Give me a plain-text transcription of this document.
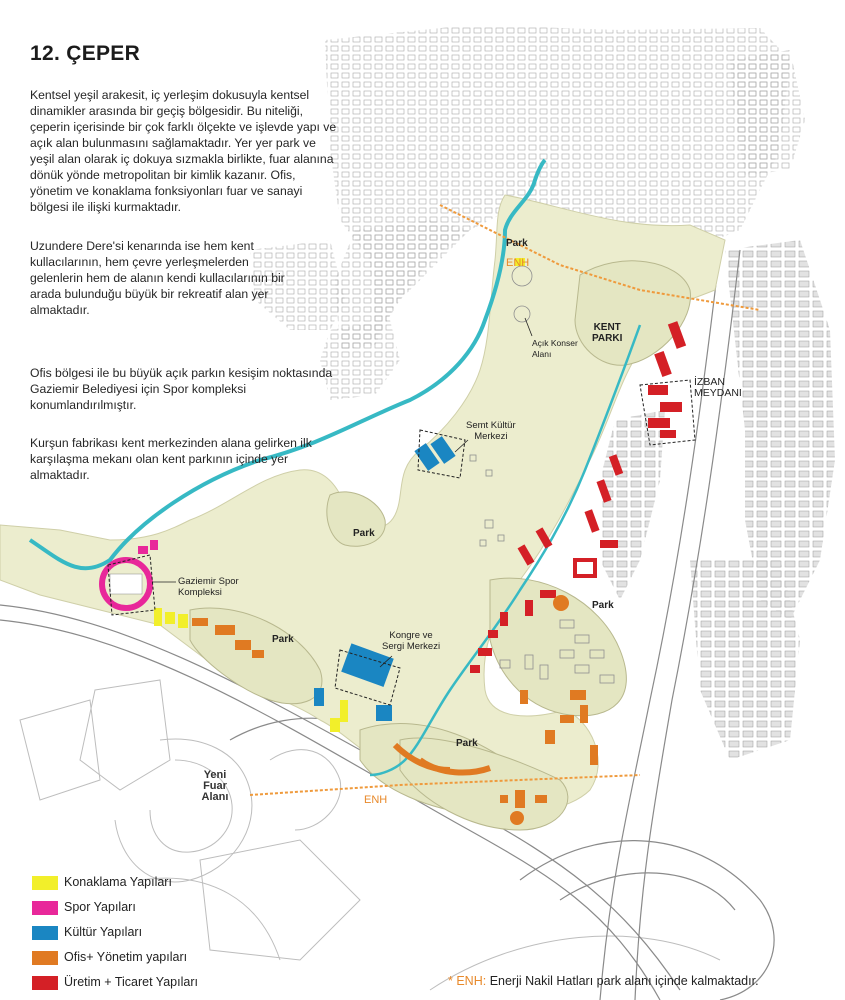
12. ÇEPER

Kentsel yeşil arakesit, iç yerleşim dokusuyla kentsel dinamikler arasında bir geçiş bölgesidir. Bu niteliği, çeperin içerisinde bir çok farklı ölçekte ve işlevde yapı ve açık alan bulunmasını sağlamaktadır. Yer yer park ve yeşil alan olarak iç dokuya sızmakla birlikte, fuar alanına dönük yönde metropolitan bir kimlik kazanır. Ofis, yönetim ve konaklama fonksiyonları fuar ve sanayi bölgesi ile ilişki kurmaktadır.

Uzundere Dere'si kenarında ise hem kent kullacılarının, hem çevre yerleşmelerden gelenlerin hem de alanın kendi kullacılarının bir arada bulunduğu büyük bir rekreatif alan yer almaktadır.

Ofis bölgesi ile bu büyük açık parkın kesişim noktasında Gaziemir Belediyesi için Spor kompleksi konumlandırılmıştır.

Kurşun fabrikası kent merkezinden alana gelirken ilk karşılaşma mekanı olan kent parkının içinde yer almaktadır.

Park
Açık Konser
Alanı
KENT
PARKI
İZBAN
MEYDANI
Semt Kültür
Merkezi
Park
Gaziemir Spor
Kompleksi
Park
Park	Kongre ve
Sergi Merkezi
Park
ENH
ENH
Yeni
Fuar
Alanı
Konaklama Yapıları
Spor Yapıları
Kültür Yapıları
Ofis+ Yönetim yapıları
Üretim + Ticaret Yapıları	* ENH: Enerji Nakil Hatları park alanı içinde kalmaktadır.
